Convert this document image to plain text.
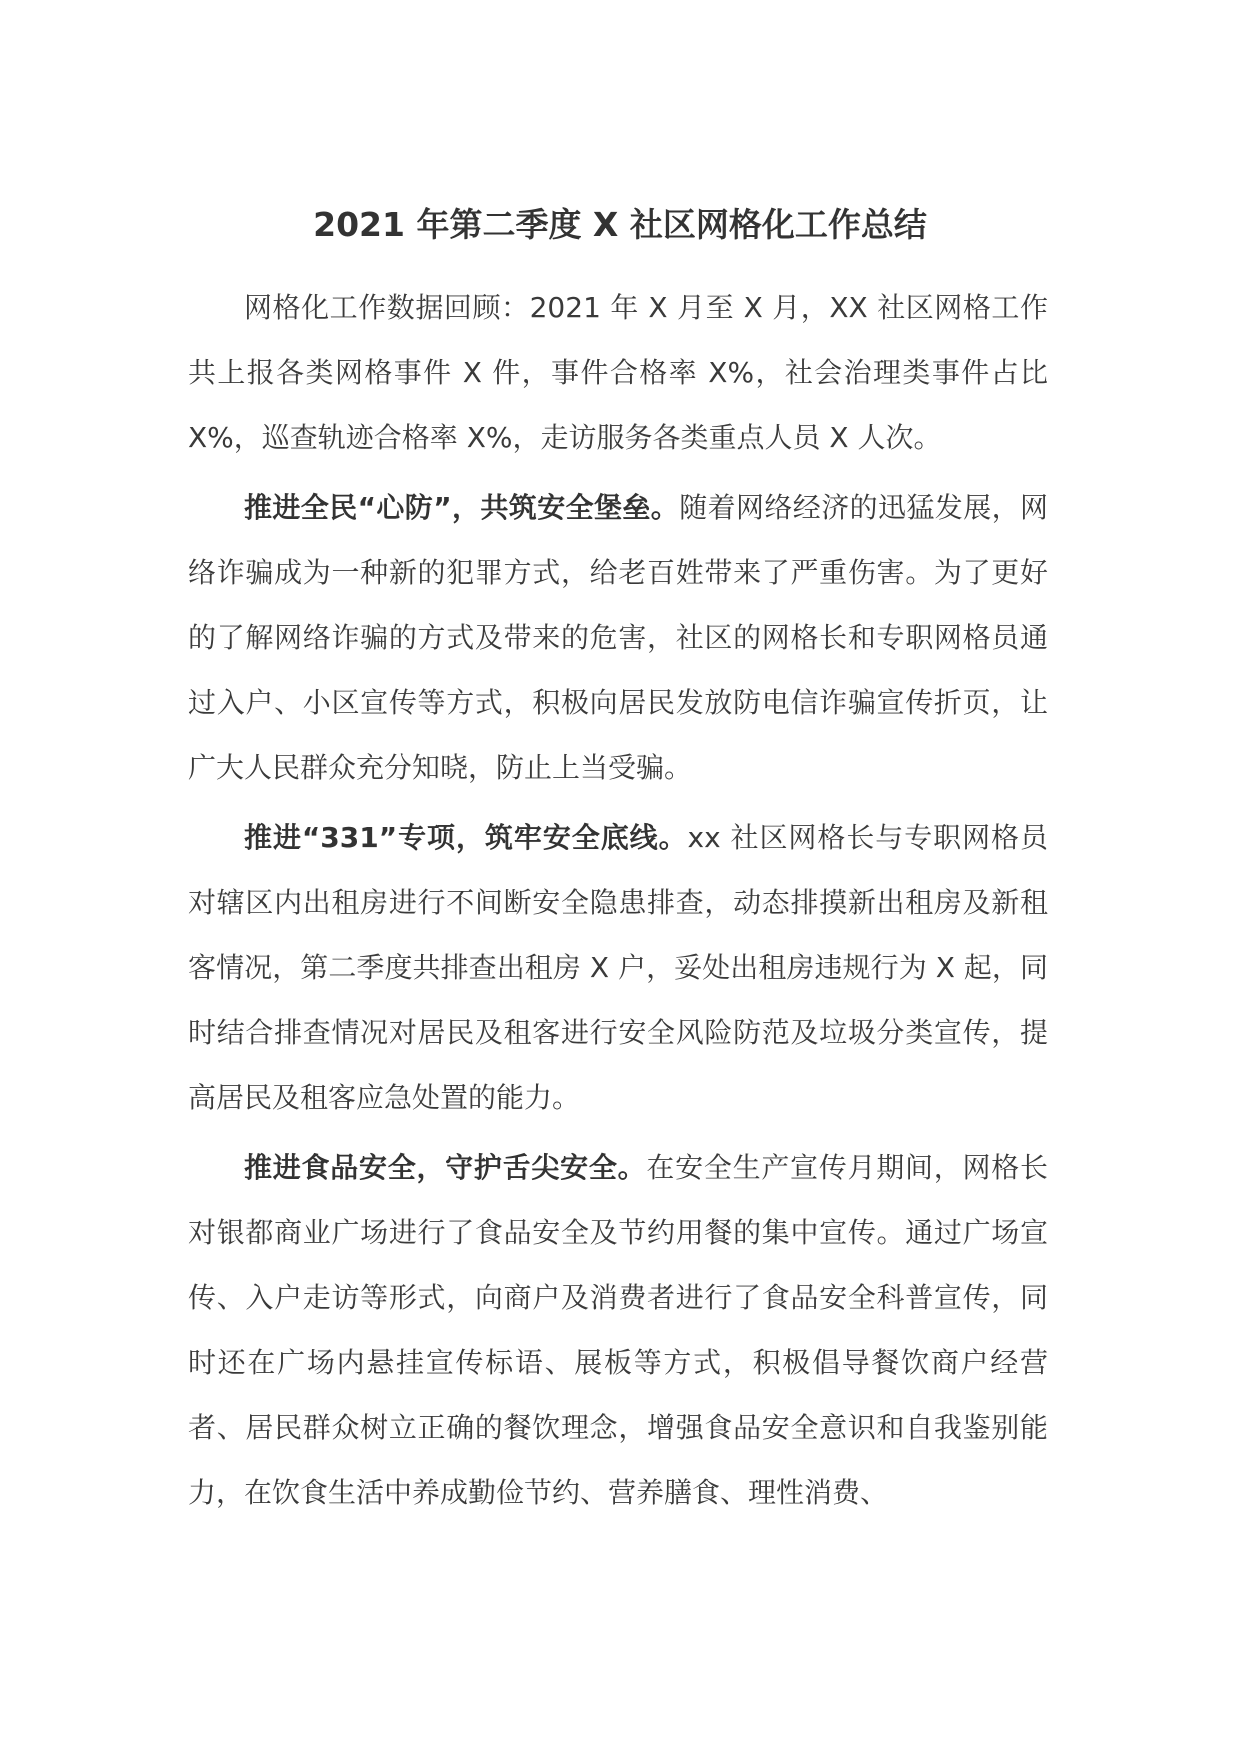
2021 年第二季度 X 社区网格化工作总结

网格化工作数据回顾：2021 年 X 月至 X 月，XX 社区网格工作共上报各类网格事件 X 件，事件合格率 X%，社会治理类事件占比 X%，巡查轨迹合格率 X%，走访服务各类重点人员 X 人次。

推进全民“心防”，共筑安全堡垒。随着网络经济的迅猛发展，网络诈骗成为一种新的犯罪方式，给老百姓带来了严重伤害。为了更好的了解网络诈骗的方式及带来的危害，社区的网格长和专职网格员通过入户、小区宣传等方式，积极向居民发放防电信诈骗宣传折页，让广大人民群众充分知晓，防止上当受骗。

推进“331”专项，筑牢安全底线。xx 社区网格长与专职网格员对辖区内出租房进行不间断安全隐患排查，动态排摸新出租房及新租客情况，第二季度共排查出租房 X 户，妥处出租房违规行为 X 起，同时结合排查情况对居民及租客进行安全风险防范及垃圾分类宣传，提高居民及租客应急处置的能力。

推进食品安全，守护舌尖安全。在安全生产宣传月期间，网格长对银都商业广场进行了食品安全及节约用餐的集中宣传。通过广场宣传、入户走访等形式，向商户及消费者进行了食品安全科普宣传，同时还在广场内悬挂宣传标语、展板等方式，积极倡导餐饮商户经营者、居民群众树立正确的餐饮理念，增强食品安全意识和自我鉴别能力，在饮食生活中养成勤俭节约、营养膳食、理性消费、
